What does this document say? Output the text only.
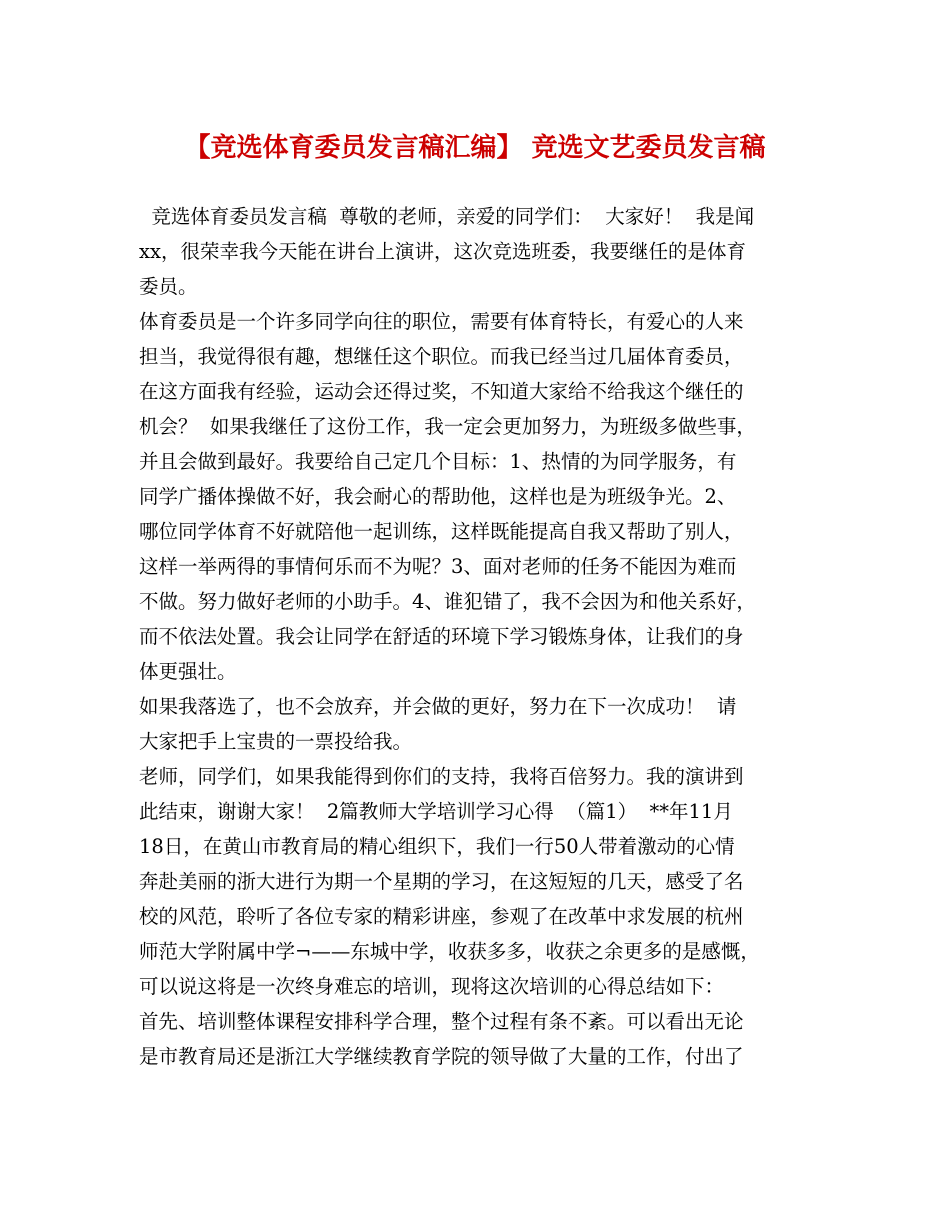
【竞选体育委员发言稿汇编】 竞选文艺委员发言稿
竞选体育委员发言稿  尊敬的老师，亲爱的同学们：  大家好！  我是闻
xx，很荣幸我今天能在讲台上演讲，这次竞选班委，我要继任的是体育
委员。
体育委员是一个许多同学向往的职位，需要有体育特长，有爱心的人来
担当，我觉得很有趣，想继任这个职位。而我已经当过几届体育委员，
在这方面我有经验，运动会还得过奖，不知道大家给不给我这个继任的
机会？  如果我继任了这份工作，我一定会更加努力，为班级多做些事，
并且会做到最好。我要给自己定几个目标：1、热情的为同学服务，有
同学广播体操做不好，我会耐心的帮助他，这样也是为班级争光。2、
哪位同学体育不好就陪他一起训练，这样既能提高自我又帮助了别人，
这样一举两得的事情何乐而不为呢？3、面对老师的任务不能因为难而
不做。努力做好老师的小助手。4、谁犯错了，我不会因为和他关系好，
而不依法处置。我会让同学在舒适的环境下学习锻炼身体，让我们的身
体更强壮。
如果我落选了，也不会放弃，并会做的更好，努力在下一次成功！  请
大家把手上宝贵的一票投给我。
老师，同学们，如果我能得到你们的支持，我将百倍努力。我的演讲到
此结束，谢谢大家！  2篇教师大学培训学习心得  （篇1）  **年11月
18日，在黄山市教育局的精心组织下，我们一行50人带着激动的心情
奔赴美丽的浙大进行为期一个星期的学习，在这短短的几天，感受了名
校的风范，聆听了各位专家的精彩讲座，参观了在改革中求发展的杭州
师范大学附属中学¬——东城中学，收获多多，收获之余更多的是感慨，
可以说这将是一次终身难忘的培训，现将这次培训的心得总结如下：
首先、培训整体课程安排科学合理，整个过程有条不紊。可以看出无论
是市教育局还是浙江大学继续教育学院的领导做了大量的工作，付出了
